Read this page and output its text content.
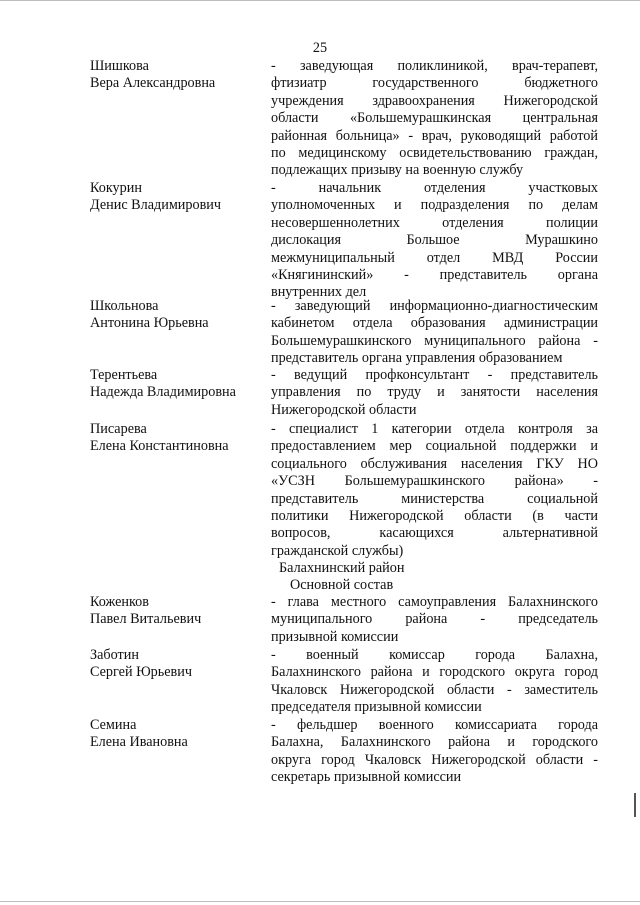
25
Шишкова
Вера Александровна
- заведующая поликлиникой, врач-терапевт,
фтизиатр государственного бюджетного
учреждения здравоохранения Нижегородской
области «Большемурашкинская центральная
районная больница» - врач, руководящий работой
по медицинскому освидетельствованию граждан,
подлежащих призыву на военную службу
Кокурин
Денис Владимирович
- начальник отделения участковых
уполномоченных и подразделения по делам
несовершеннолетних отделения полиции
дислокация Большое Мурашкино
межмуниципальный отдел МВД России
«Княгининский» - представитель органа
внутренних дел
Школьнова
Антонина Юрьевна
- заведующий информационно-диагностическим
кабинетом отдела образования администрации
Большемурашкинского муниципального района -
представитель органа управления образованием
Терентьева
Надежда Владимировна
- ведущий профконсультант - представитель
управления по труду и занятости населения
Нижегородской области
Писарева
Елена Константиновна
- специалист 1 категории отдела контроля за
предоставлением мер социальной поддержки и
социального обслуживания населения ГКУ НО
«УСЗН Большемурашкинского района» -
представитель министерства социальной
политики Нижегородской области (в части
вопросов, касающихся альтернативной
гражданской службы)
Балахнинский район
Основной состав
Коженков
Павел Витальевич
- глава местного самоуправления Балахнинского
муниципального района - председатель
призывной комиссии
Заботин
Сергей Юрьевич
- военный комиссар города Балахна,
Балахнинского района и городского округа город
Чкаловск Нижегородской области - заместитель
председателя призывной комиссии
Семина
Елена Ивановна
- фельдшер военного комиссариата города
Балахна, Балахнинского района и городского
округа город Чкаловск Нижегородской области -
секретарь призывной комиссии
